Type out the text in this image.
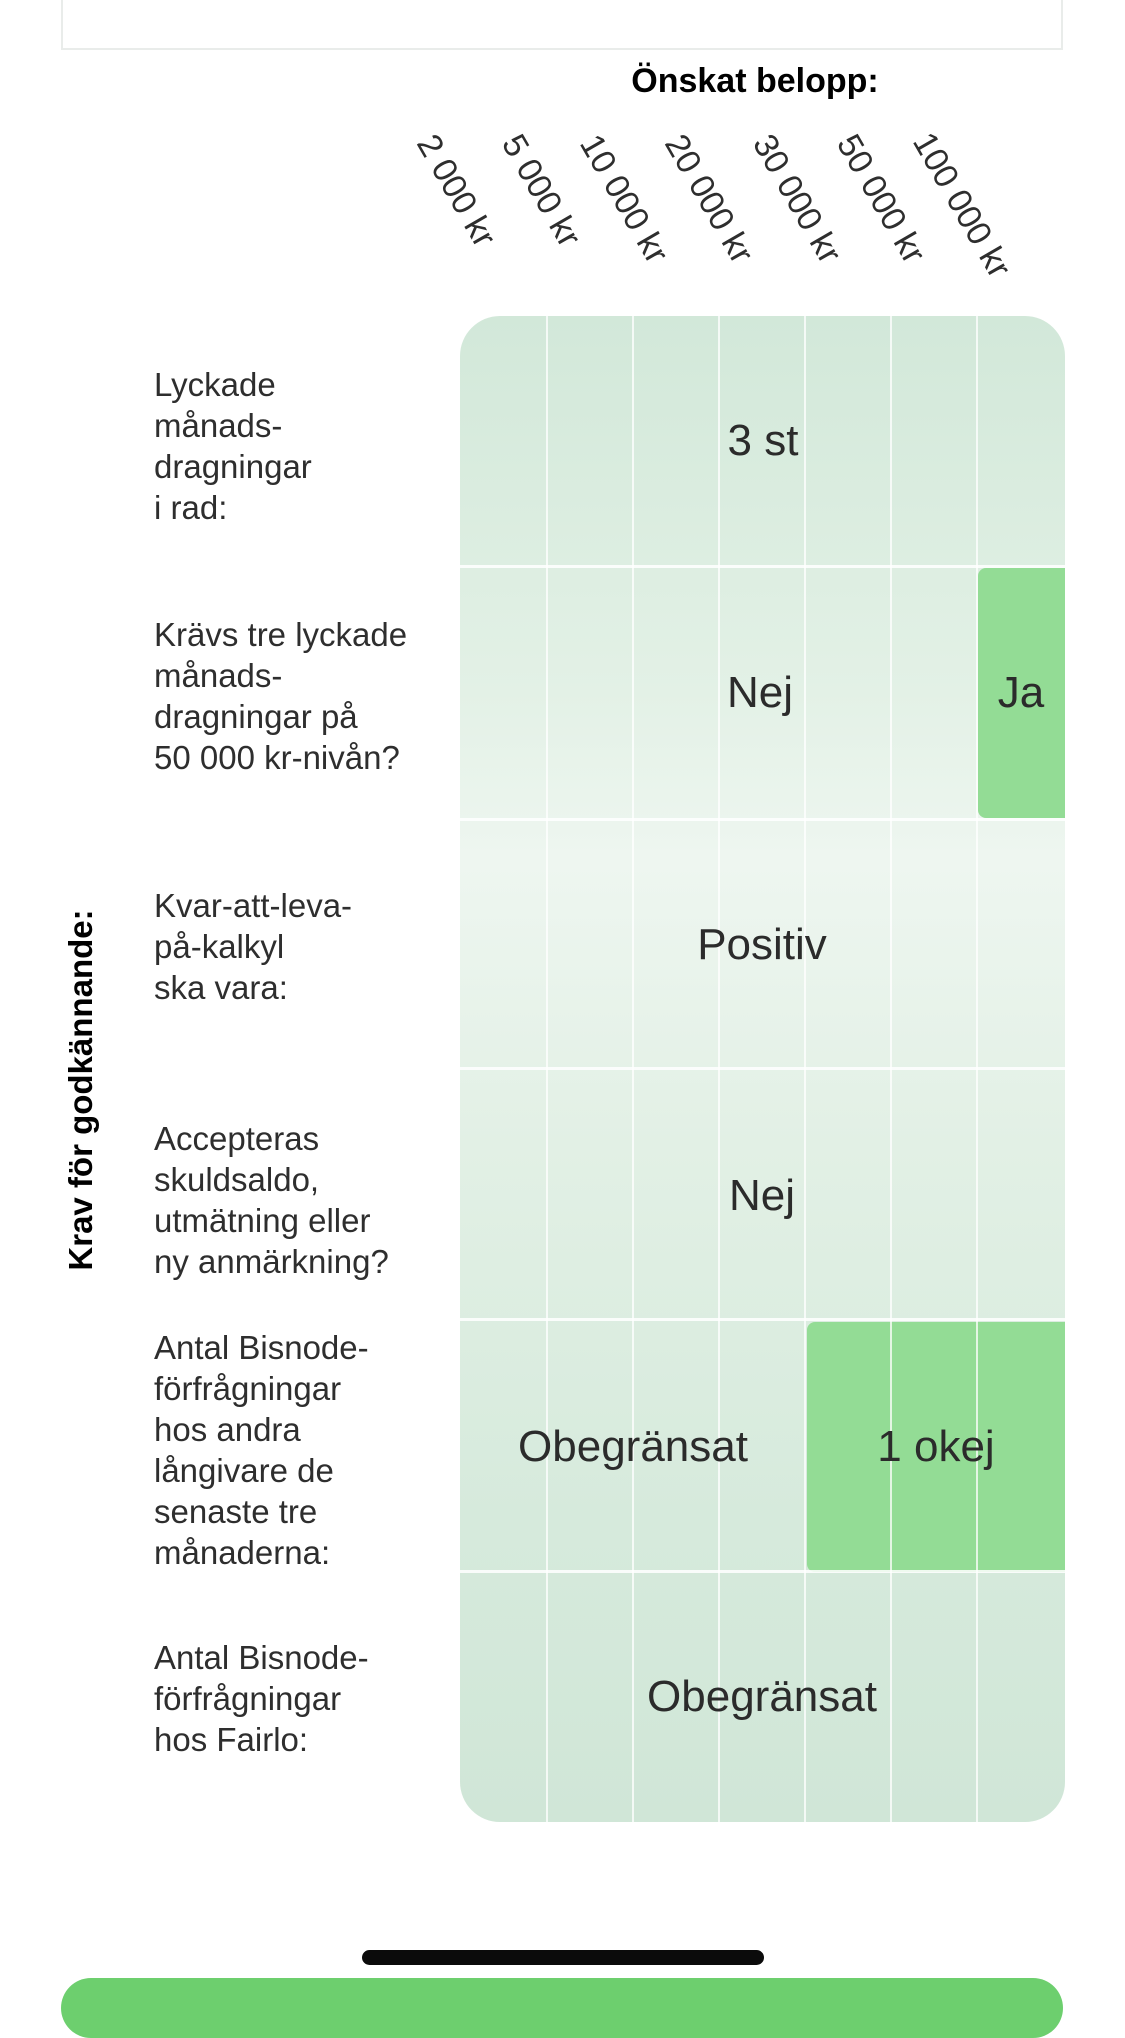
Önskat belopp:
2 000 kr
5 000 kr
10 000 kr
20 000 kr
30 000 kr
50 000 kr
100 000 kr
Krav för godkännande:
Lyckade
månads-
dragningar
i rad:
Krävs tre lyckade
månads-
dragningar på
50 000 kr-nivån?
Kvar-att-leva-
på-kalkyl
ska vara:
Accepteras
skuldsaldo,
utmätning eller
ny anmärkning?
Antal Bisnode-
förfrågningar
hos andra
långivare de
senaste tre
månaderna:
Antal Bisnode-
förfrågningar
hos Fairlo:
3 st
Nej	Ja
Positiv
Nej
Obegränsat	1 okej
Obegränsat
